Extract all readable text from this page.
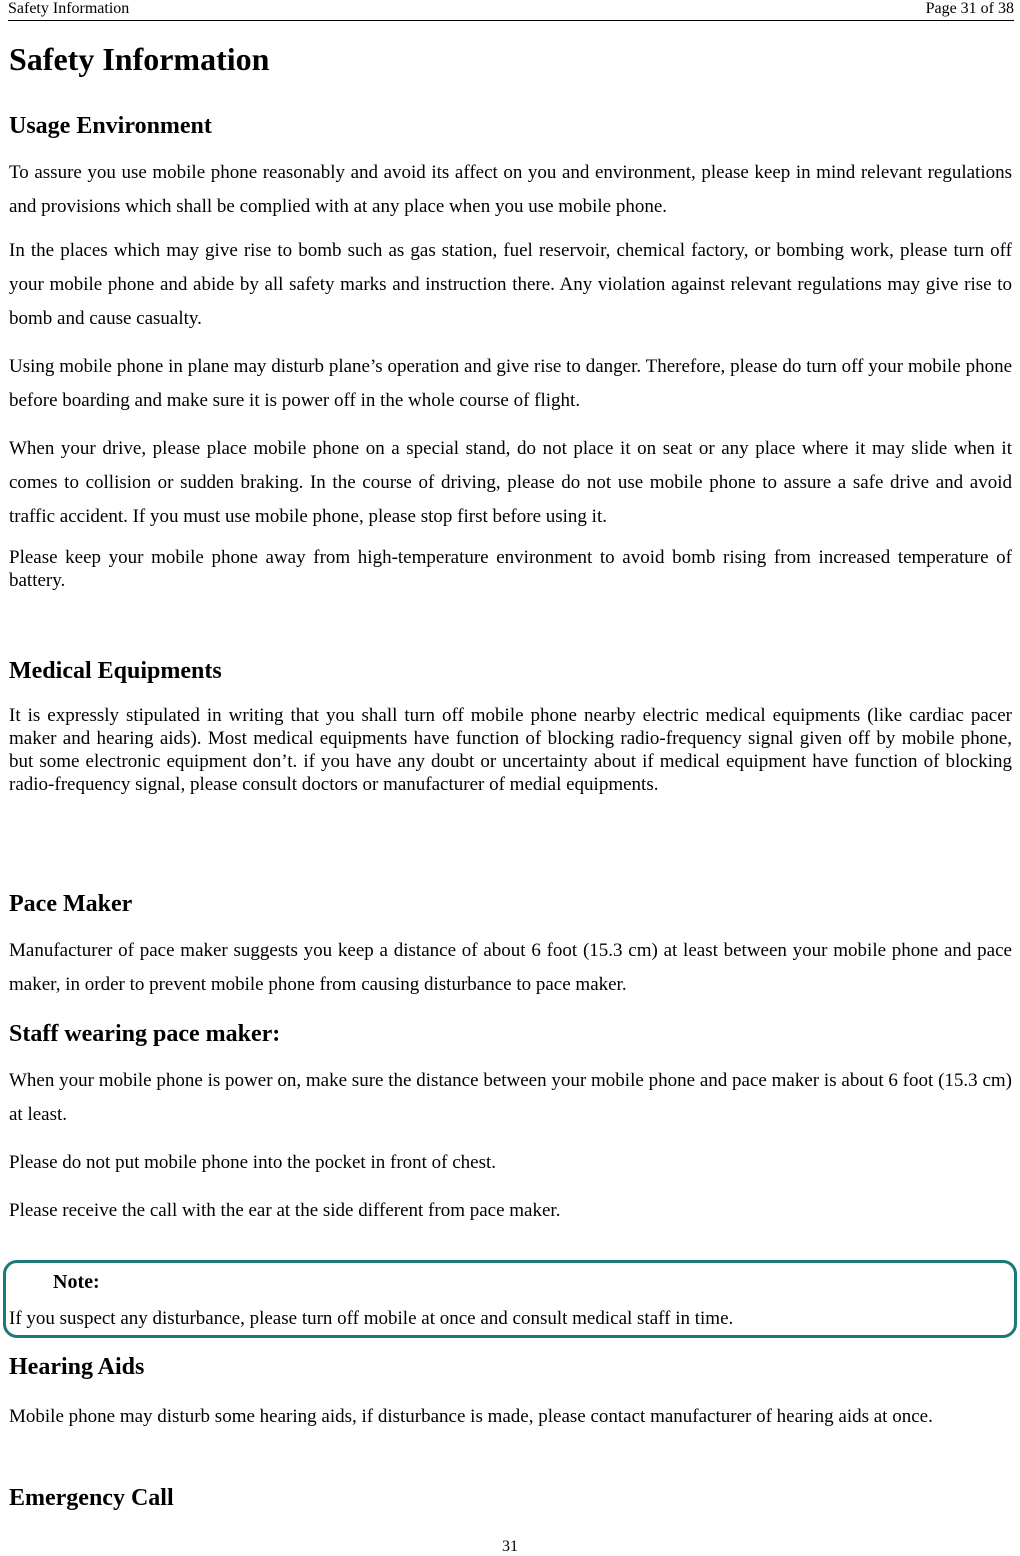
Safety Information	Page 31 of 38
Safety Information
Usage Environment

To assure you use mobile phone reasonably and avoid its affect on you and environment, please keep in mind relevant regulations and provisions which shall be complied with at any place when you use mobile phone.

In the places which may give rise to bomb such as gas station, fuel reservoir, chemical factory, or bombing work, please turn off your mobile phone and abide by all safety marks and instruction there. Any violation against relevant regulations may give rise to bomb and cause casualty.

Using mobile phone in plane may disturb plane’s operation and give rise to danger. Therefore, please do turn off your mobile phone before boarding and make sure it is power off in the whole course of flight.

When your drive, please place mobile phone on a special stand, do not place it on seat or any place where it may slide when it comes to collision or sudden braking. In the course of driving, please do not use mobile phone to assure a safe drive and avoid traffic accident. If you must use mobile phone, please stop first before using it.

Please keep your mobile phone away from high-temperature environment to avoid bomb rising from increased temperature of battery.

Medical Equipments

It is expressly stipulated in writing that you shall turn off mobile phone nearby electric medical equipments (like cardiac pacer maker and hearing aids). Most medical equipments have function of blocking radio-frequency signal given off by mobile phone, but some electronic equipment don’t. if you have any doubt or uncertainty about if medical equipment have function of blocking radio-frequency signal, please consult doctors or manufacturer of medial equipments.

Pace Maker

Manufacturer of pace maker suggests you keep a distance of about 6 foot (15.3 cm) at least between your mobile phone and pace maker, in order to prevent mobile phone from causing disturbance to pace maker.

Staff wearing pace maker:

When your mobile phone is power on, make sure the distance between your mobile phone and pace maker is about 6 foot (15.3 cm) at least.

Please do not put mobile phone into the pocket in front of chest.

Please receive the call with the ear at the side different from pace maker.

Note:
If you suspect any disturbance, please turn off mobile at once and consult medical staff in time.
Hearing Aids

Mobile phone may disturb some hearing aids, if disturbance is made, please contact manufacturer of hearing aids at once.

Emergency Call
31
